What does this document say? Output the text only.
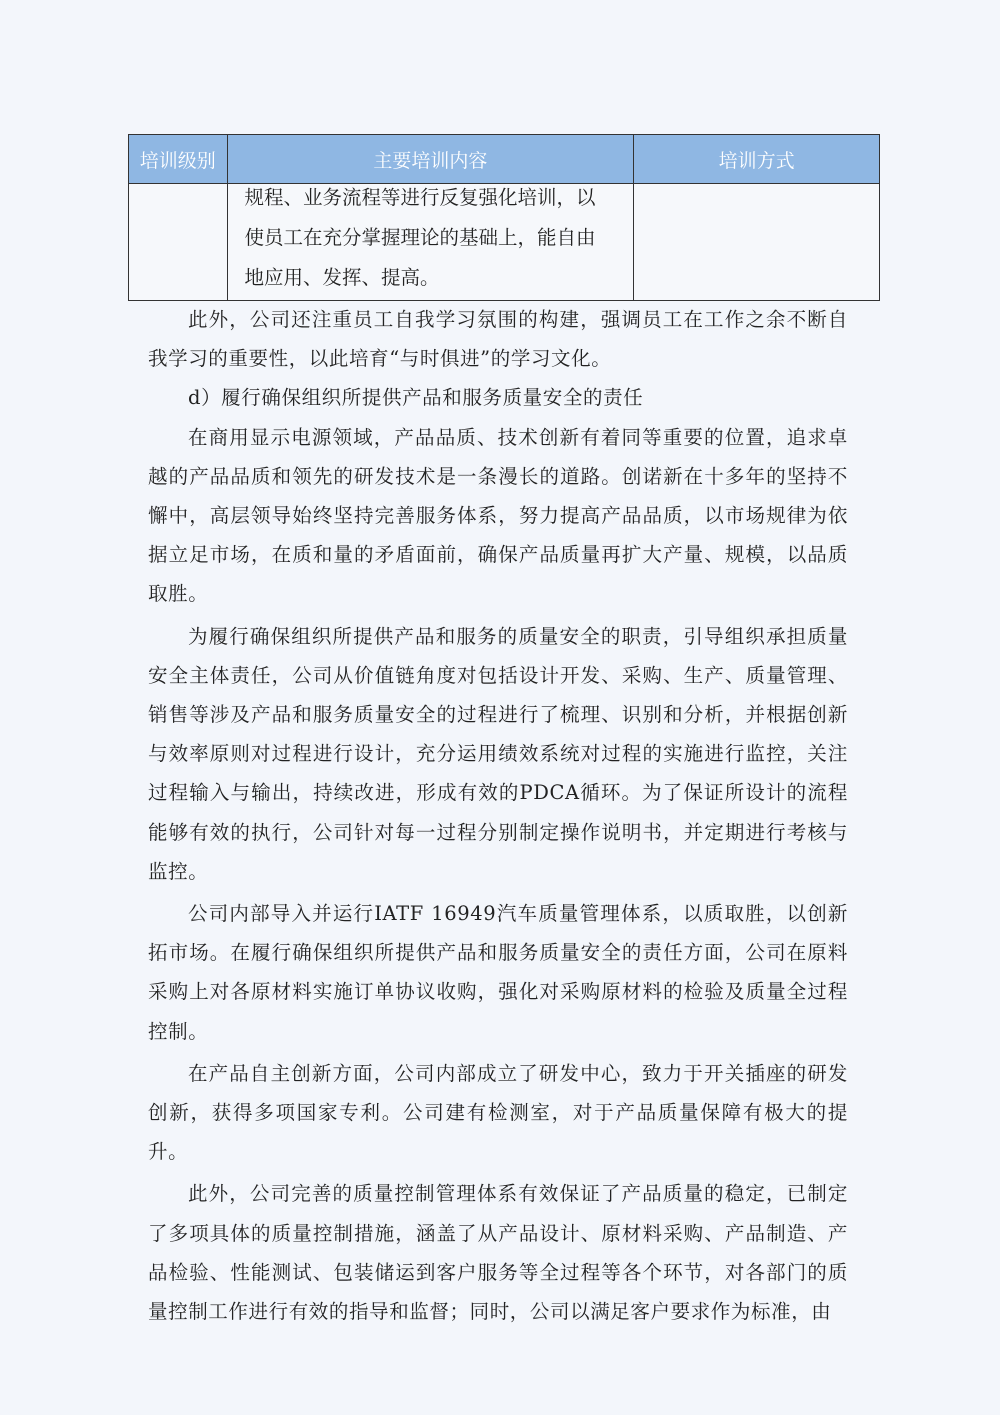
培训级别	主要培训内容	培训方式

	规程、业务流程等进行反复强化培训，以
使员工在充分掌握理论的基础上，能自由
地应用、发挥、提高。	

此外，公司还注重员工自我学习氛围的构建，强调员工在工作之余不断自我学习的重要性，以此培育“与时俱进”的学习文化。

d）履行确保组织所提供产品和服务质量安全的责任

在商用显示电源领域，产品品质、技术创新有着同等重要的位置，追求卓越的产品品质和领先的研发技术是一条漫长的道路。创诺新在十多年的坚持不懈中，高层领导始终坚持完善服务体系，努力提高产品品质，以市场规律为依据立足市场，在质和量的矛盾面前，确保产品质量再扩大产量、规模，以品质取胜。

为履行确保组织所提供产品和服务的质量安全的职责，引导组织承担质量安全主体责任，公司从价值链角度对包括设计开发、采购、生产、质量管理、销售等涉及产品和服务质量安全的过程进行了梳理、识别和分析，并根据创新与效率原则对过程进行设计，充分运用绩效系统对过程的实施进行监控，关注过程输入与输出，持续改进，形成有效的PDCA循环。为了保证所设计的流程能够有效的执行，公司针对每一过程分别制定操作说明书，并定期进行考核与监控。

公司内部导入并运行IATF 16949汽车质量管理体系，以质取胜，以创新拓市场。在履行确保组织所提供产品和服务质量安全的责任方面，公司在原料采购上对各原材料实施订单协议收购，强化对采购原材料的检验及质量全过程控制。

在产品自主创新方面，公司内部成立了研发中心，致力于开关插座的研发创新，获得多项国家专利。公司建有检测室，对于产品质量保障有极大的提升。

此外，公司完善的质量控制管理体系有效保证了产品质量的稳定，已制定了多项具体的质量控制措施，涵盖了从产品设计、原材料采购、产品制造、产品检验、性能测试、包装储运到客户服务等全过程等各个环节，对各部门的质量控制工作进行有效的指导和监督；同时，公司以满足客户要求作为标准，由
